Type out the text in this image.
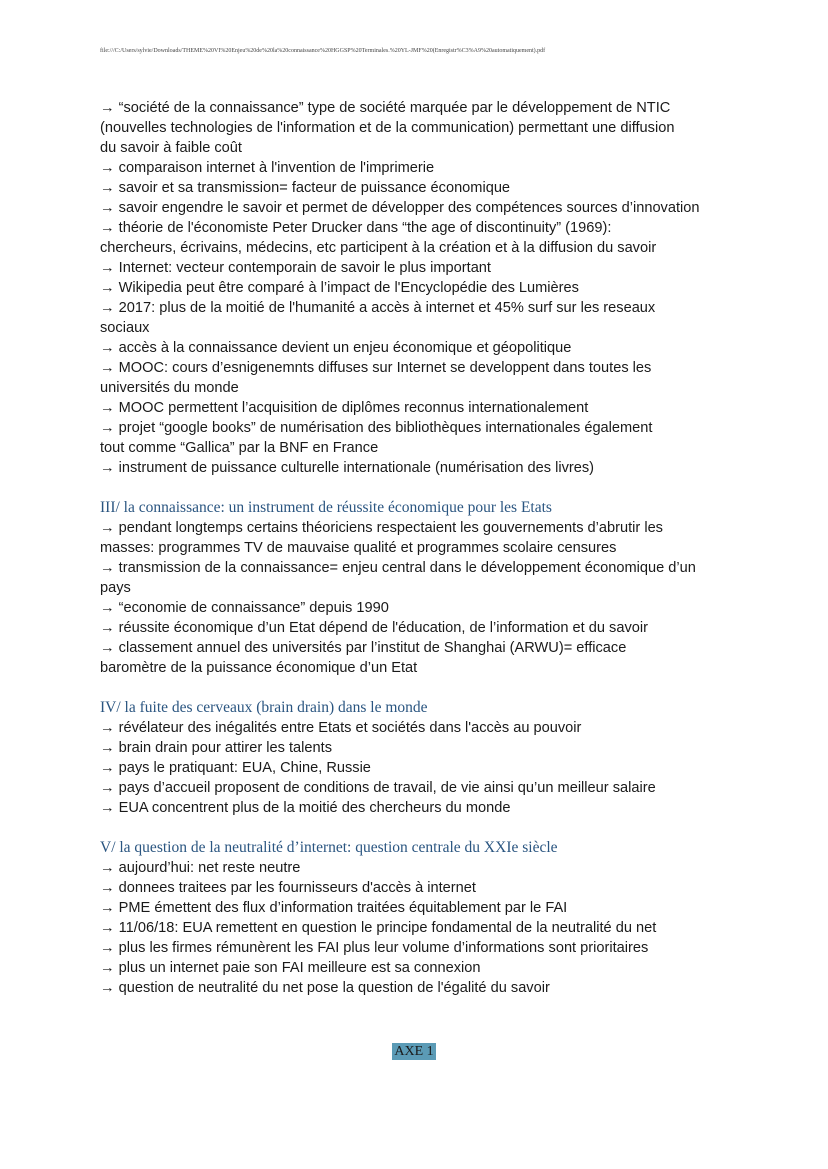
file:///C:/Users/sylvie/Downloads/THEME%20VI%20Enjeu%20de%20la%20connaissance%20HGGSP%20Terminales.%20YL-JMF%20(Enregistr%C3%A9%20automatiquement).pdf

→ “société de la connaissance” type de société marquée par le développement de NTIC

(nouvelles technologies de l'information et de la communication) permettant une diffusion

du savoir à faible coût

→ comparaison internet à l'invention de l'imprimerie

→ savoir et sa transmission= facteur de puissance économique

→ savoir engendre le savoir et permet de développer des compétences sources d’innovation

→ théorie de l'économiste Peter Drucker dans “the age of discontinuity” (1969):

chercheurs, écrivains, médecins, etc participent à la création et à la diffusion du savoir

→ Internet: vecteur contemporain de savoir le plus important

→ Wikipedia peut être comparé à l’impact de l'Encyclopédie des Lumières

→ 2017: plus de la moitié de l'humanité a accès à internet et 45% surf sur les reseaux

sociaux

→ accès à la connaissance devient un enjeu économique et géopolitique

→ MOOC: cours d’esnigenemnts diffuses sur Internet se developpent dans toutes les

universités du monde

→ MOOC permettent l’acquisition de diplômes reconnus internationalement

→ projet “google books” de numérisation des bibliothèques internationales également

tout comme “Gallica” par la BNF en France

→ instrument de puissance culturelle internationale (numérisation des livres)

III/ la connaissance: un instrument de réussite économique pour les Etats

→ pendant longtemps certains théoriciens respectaient les gouvernements d’abrutir les

masses: programmes TV de mauvaise qualité et programmes scolaire censures

→ transmission de la connaissance= enjeu central dans le développement économique d’un

pays

→ “economie de connaissance” depuis 1990

→ réussite économique d’un Etat dépend de l'éducation, de l’information et du savoir

→ classement annuel des universités par l’institut de Shanghai (ARWU)= efficace

baromètre de la puissance économique d’un Etat

IV/ la fuite des cerveaux (brain drain) dans le monde

→ révélateur des inégalités entre Etats et sociétés dans l'accès au pouvoir

→ brain drain pour attirer les talents

→ pays le pratiquant: EUA, Chine, Russie

→ pays d’accueil proposent de conditions de travail, de vie ainsi qu’un meilleur salaire

→ EUA concentrent plus de la moitié des chercheurs du monde

V/ la question de la neutralité d’internet: question centrale du XXIe siècle

→ aujourd’hui: net reste neutre

→ donnees traitees par les fournisseurs d'accès à internet

→ PME émettent des flux d’information traitées équitablement par le FAI

→ 11/06/18: EUA remettent en question le principe fondamental de la neutralité du net

→ plus les firmes rémunèrent les FAI plus leur volume d’informations sont prioritaires

→ plus un internet paie son FAI meilleure est sa connexion

→ question de neutralité du net pose la question de l'égalité du savoir

AXE 1
